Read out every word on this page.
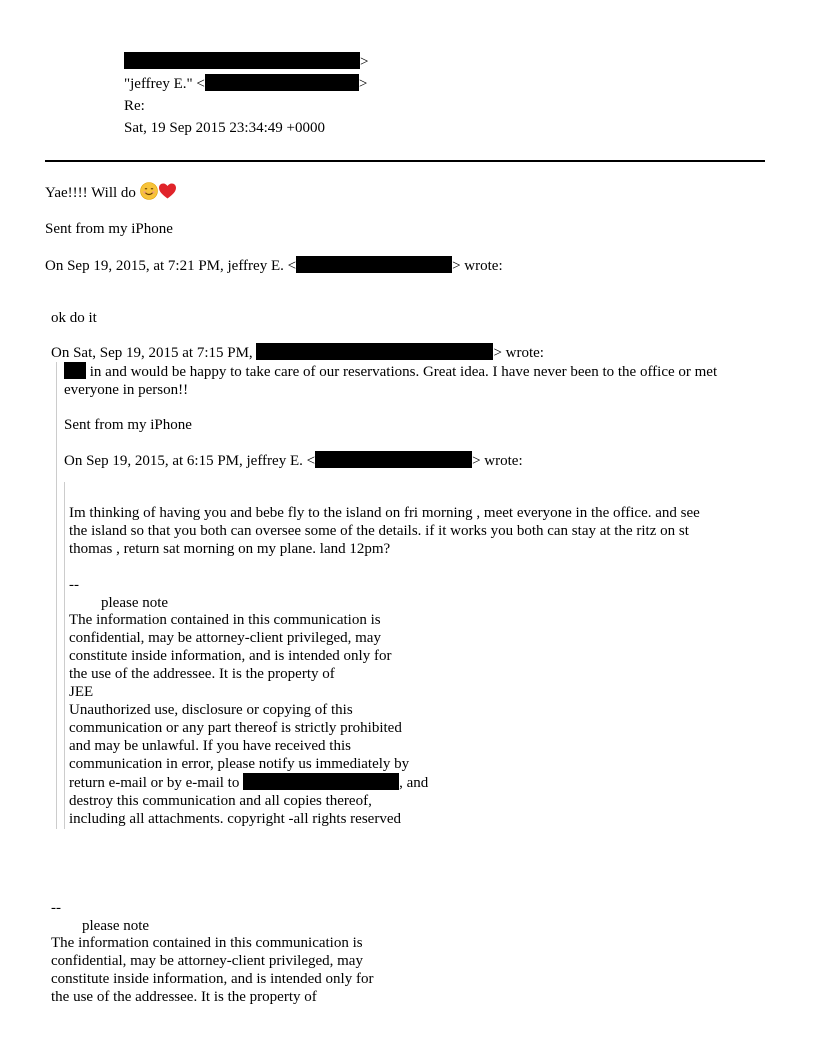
>
"jeffrey E." <	>
Re:
Sat, 19 Sep 2015 23:34:49 +0000
Yae!!!! Will do
Sent from my iPhone
On Sep 19, 2015, at 7:21 PM, jeffrey E. <	> wrote:
ok do it
On Sat, Sep 19, 2015 at 7:15 PM,	> wrote:
in and would be happy to take care of our reservations. Great idea. I have never been to the office or met
everyone in person!!
Sent from my iPhone
On Sep 19, 2015, at 6:15 PM, jeffrey E. <	> wrote:
Im thinking of having you and bebe fly to the island on fri morning , meet everyone in the office. and see
the island so that you both can oversee some of the details. if it works you both can stay at the ritz on st
thomas , return sat morning on my plane. land 12pm?
--
please note
The information contained in this communication is
confidential, may be attorney-client privileged, may
constitute inside information, and is intended only for
the use of the addressee. It is the property of
JEE
Unauthorized use, disclosure or copying of this
communication or any part thereof is strictly prohibited
and may be unlawful. If you have received this
communication in error, please notify us immediately by
return e-mail or by e-mail to	, and
destroy this communication and all copies thereof,
including all attachments. copyright -all rights reserved
--
please note
The information contained in this communication is
confidential, may be attorney-client privileged, may
constitute inside information, and is intended only for
the use of the addressee. It is the property of
